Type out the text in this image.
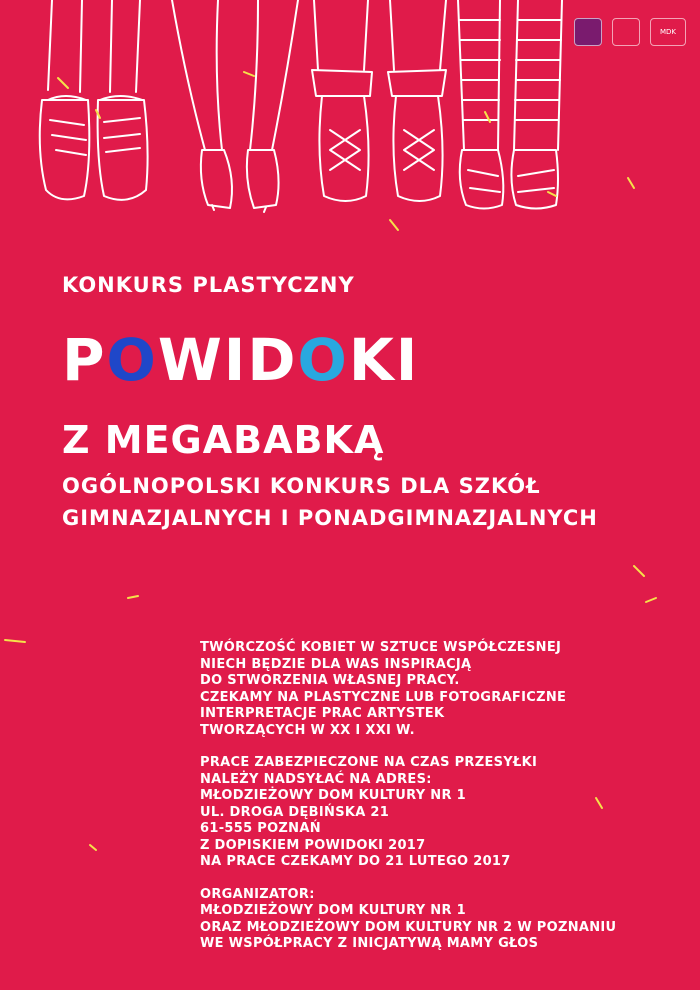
MDK
KONKURS PLASTYCZNY
POWIDOKI
Z MEGABABKĄ
OGÓLNOPOLSKI KONKURS DLA SZKÓŁ
GIMNAZJALNYCH I PONADGIMNAZJALNYCH
TWÓRCZOŚĆ KOBIET W SZTUCE WSPÓŁCZESNEJ
NIECH BĘDZIE DLA WAS INSPIRACJĄ
DO STWORZENIA WŁASNEJ PRACY.
CZEKAMY NA PLASTYCZNE LUB FOTOGRAFICZNE
INTERPRETACJE PRAC ARTYSTEK
TWORZĄCYCH W XX I XXI W.
PRACE ZABEZPIECZONE NA CZAS PRZESYŁKI
NALEŻY NADSYŁAĆ NA ADRES:
MŁODZIEŻOWY DOM KULTURY NR 1
UL. DROGA DĘBIŃSKA 21
61-555 POZNAŃ
Z DOPISKIEM POWIDOKI 2017
NA PRACE CZEKAMY DO 21 LUTEGO 2017
ORGANIZATOR:
MŁODZIEŻOWY DOM KULTURY NR 1
ORAZ MŁODZIEŻOWY DOM KULTURY NR 2 W POZNANIU
WE WSPÓŁPRACY Z INICJATYWĄ MAMY GŁOS
